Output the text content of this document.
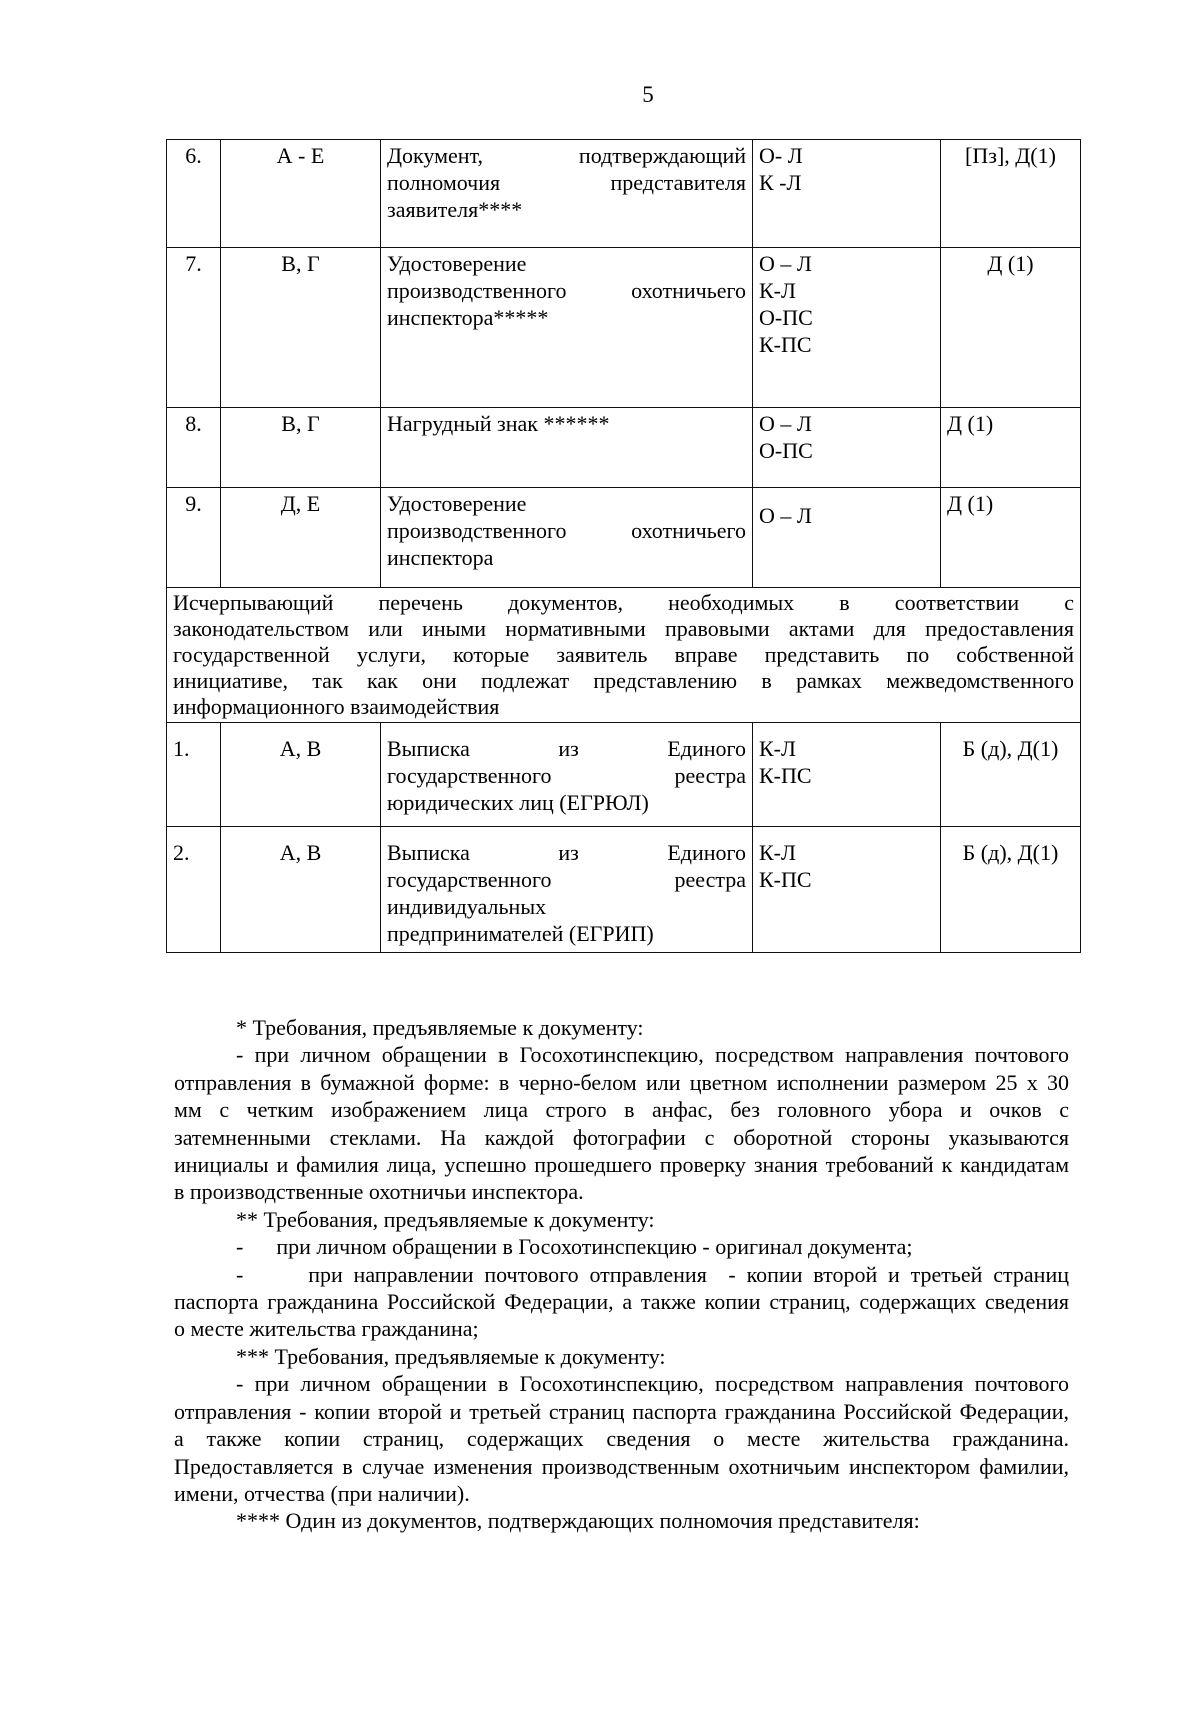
5
6.	А - Е	Документ, подтверждающий
полномочия представителя
заявителя****	О- Л
К -Л	[Пз], Д(1)
7.	В, Г	Удостоверение
производственного охотничьего
инспектора*****	О – Л
К-Л
О-ПС
К-ПС	Д (1)
8.	В, Г	Нагрудный знак ******	О – Л
О-ПС	Д (1)
9.	Д, Е	Удостоверение
производственного охотничьего
инспектора	О – Л	Д (1)

Исчерпывающий перечень документов, необходимых в соответствии с
законодательством или иными нормативными правовыми актами для предоставления
государственной услуги, которые заявитель вправе представить по собственной
инициативе, так как они подлежат представлению в рамках межведомственного
информационного взаимодействия				

1.	А, В	Выписка из Единого
государственного реестра
юридических лиц (ЕГРЮЛ)	К-Л
К-ПС	Б (д), Д(1)
2.	А, В	Выписка из Единого
государственного реестра
индивидуальных
предпринимателей (ЕГРИП)	К-Л
К-ПС	Б (д), Д(1)
* Требования, предъявляемые к документу:
- при личном обращении в Госохотинспекцию, посредством направления почтового
отправления в бумажной форме: в черно-белом или цветном исполнении размером 25 х 30
мм с четким изображением лица строго в анфас, без головного убора и очков с
затемненными стеклами. На каждой фотографии с оборотной стороны указываются
инициалы и фамилия лица, успешно прошедшего проверку знания требований к кандидатам
в производственные охотничьи инспектора.
** Требования, предъявляемые к документу:
-      при личном обращении в Госохотинспекцию - оригинал документа;
-      при направлении почтового отправления  - копии второй и третьей страниц
паспорта гражданина Российской Федерации, а также копии страниц, содержащих сведения
о месте жительства гражданина;
*** Требования, предъявляемые к документу:
- при личном обращении в Госохотинспекцию, посредством направления почтового
отправления - копии второй и третьей страниц паспорта гражданина Российской Федерации,
а также копии страниц, содержащих сведения о месте жительства гражданина.
Предоставляется в случае изменения производственным охотничьим инспектором фамилии,
имени, отчества (при наличии).
**** Один из документов, подтверждающих полномочия представителя:
